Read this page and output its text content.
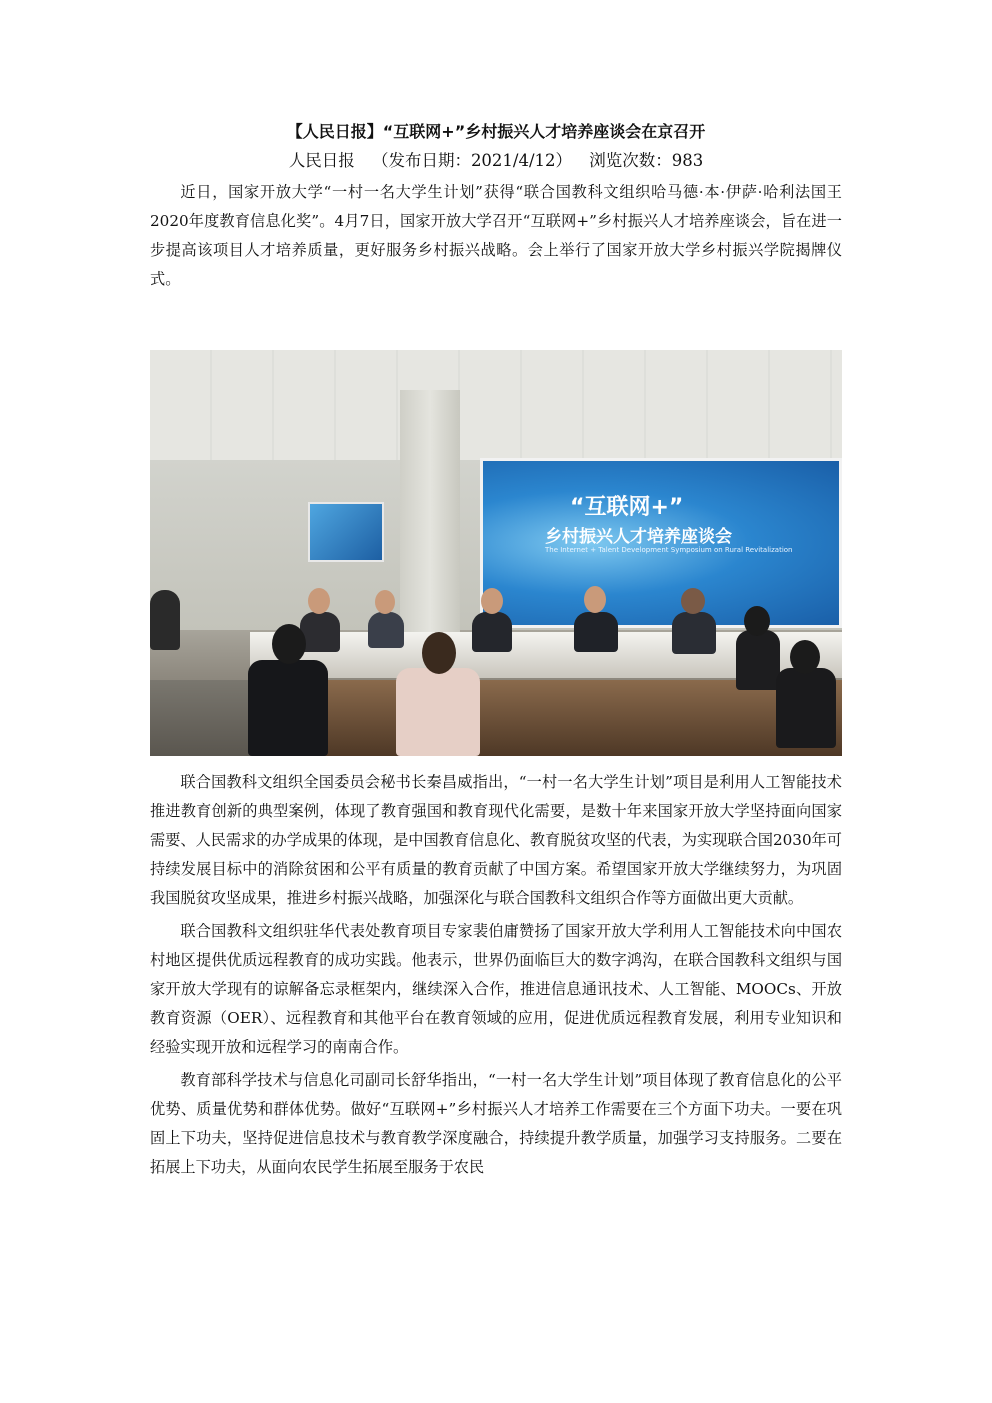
【人民日报】“互联网+”乡村振兴人才培养座谈会在京召开
人民日报 （发布日期：2021/4/12） 浏览次数：983

近日，国家开放大学“一村一名大学生计划”获得“联合国教科文组织哈马德·本·伊萨·哈利法国王2020年度教育信息化奖”。4月7日，国家开放大学召开“互联网+”乡村振兴人才培养座谈会，旨在进一步提高该项目人才培养质量，更好服务乡村振兴战略。会上举行了国家开放大学乡村振兴学院揭牌仪式。

“互联网+”
乡村振兴人才培养座谈会
The Internet + Talent Development Symposium on Rural Revitalization

联合国教科文组织全国委员会秘书长秦昌威指出，“一村一名大学生计划”项目是利用人工智能技术推进教育创新的典型案例，体现了教育强国和教育现代化需要，是数十年来国家开放大学坚持面向国家需要、人民需求的办学成果的体现，是中国教育信息化、教育脱贫攻坚的代表，为实现联合国2030年可持续发展目标中的消除贫困和公平有质量的教育贡献了中国方案。希望国家开放大学继续努力，为巩固我国脱贫攻坚成果，推进乡村振兴战略，加强深化与联合国教科文组织合作等方面做出更大贡献。

联合国教科文组织驻华代表处教育项目专家裴伯庸赞扬了国家开放大学利用人工智能技术向中国农村地区提供优质远程教育的成功实践。他表示，世界仍面临巨大的数字鸿沟，在联合国教科文组织与国家开放大学现有的谅解备忘录框架内，继续深入合作，推进信息通讯技术、人工智能、MOOCs、开放教育资源（OER）、远程教育和其他平台在教育领域的应用，促进优质远程教育发展，利用专业知识和经验实现开放和远程学习的南南合作。

教育部科学技术与信息化司副司长舒华指出，“一村一名大学生计划”项目体现了教育信息化的公平优势、质量优势和群体优势。做好“互联网+”乡村振兴人才培养工作需要在三个方面下功夫。一要在巩固上下功夫，坚持促进信息技术与教育教学深度融合，持续提升教学质量，加强学习支持服务。二要在拓展上下功夫，从面向农民学生拓展至服务于农民
